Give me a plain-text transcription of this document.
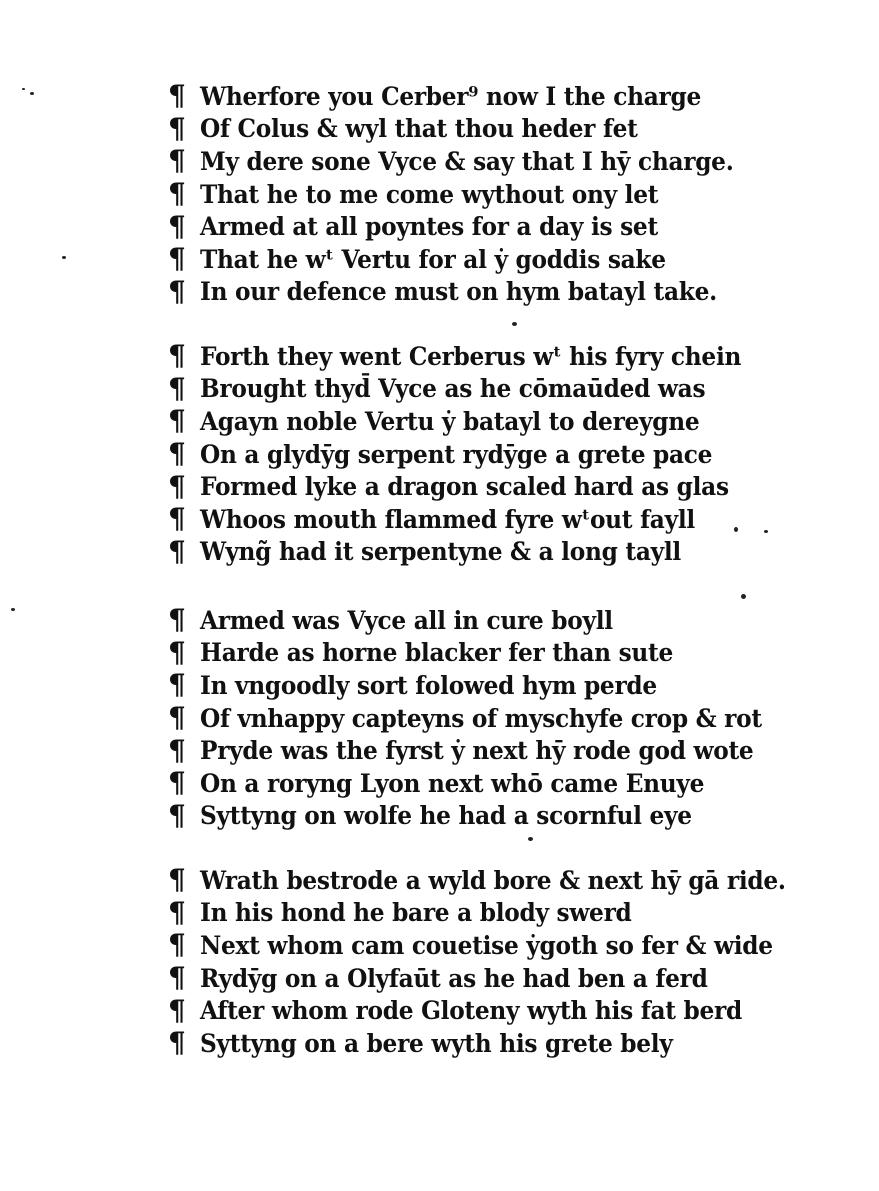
¶ Wherfore you Cerber⁹ now I the charge
¶ Of Colus & wyl that thou heder fet
¶ My dere sone Vyce & say that I hȳ charge.
¶ That he to me come wythout ony let
¶ Armed at all poyntes for a day is set
¶ That he wᵗ Vertu for al ẏ goddis sake
¶ In our defence must on hym batayl take.
¶ Forth they went Cerberus wᵗ his fyry chein
¶ Brought thyd̄ Vyce as he cōmaūded was
¶ Agayn noble Vertu ẏ batayl to dereygne
¶ On a glydȳg serpent rydȳge a grete pace
¶ Formed lyke a dragon scaled hard as glas
¶ Whoos mouth flammed fyre wᵗout fayll
¶ Wyng̃ had it serpentyne & a long tayll
¶ Armed was Vyce all in cure boyll
¶ Harde as horne blacker fer than sute
¶ In vngoodly sort folowed hym perde
¶ Of vnhappy capteyns of myschyfe crop & rot
¶ Pryde was the fyrst ẏ next hȳ rode god wote
¶ On a roryng Lyon next whō came Enuye
¶ Syttyng on wolfe he had a scornful eye
¶ Wrath bestrode a wyld bore & next hȳ gā ride.
¶ In his hond he bare a blody swerd
¶ Next whom cam couetise ẏgoth so fer & wide
¶ Rydȳg on a Olyfaūt as he had ben a ferd
¶ After whom rode Gloteny wyth his fat berd
¶ Syttyng on a bere wyth his grete bely
